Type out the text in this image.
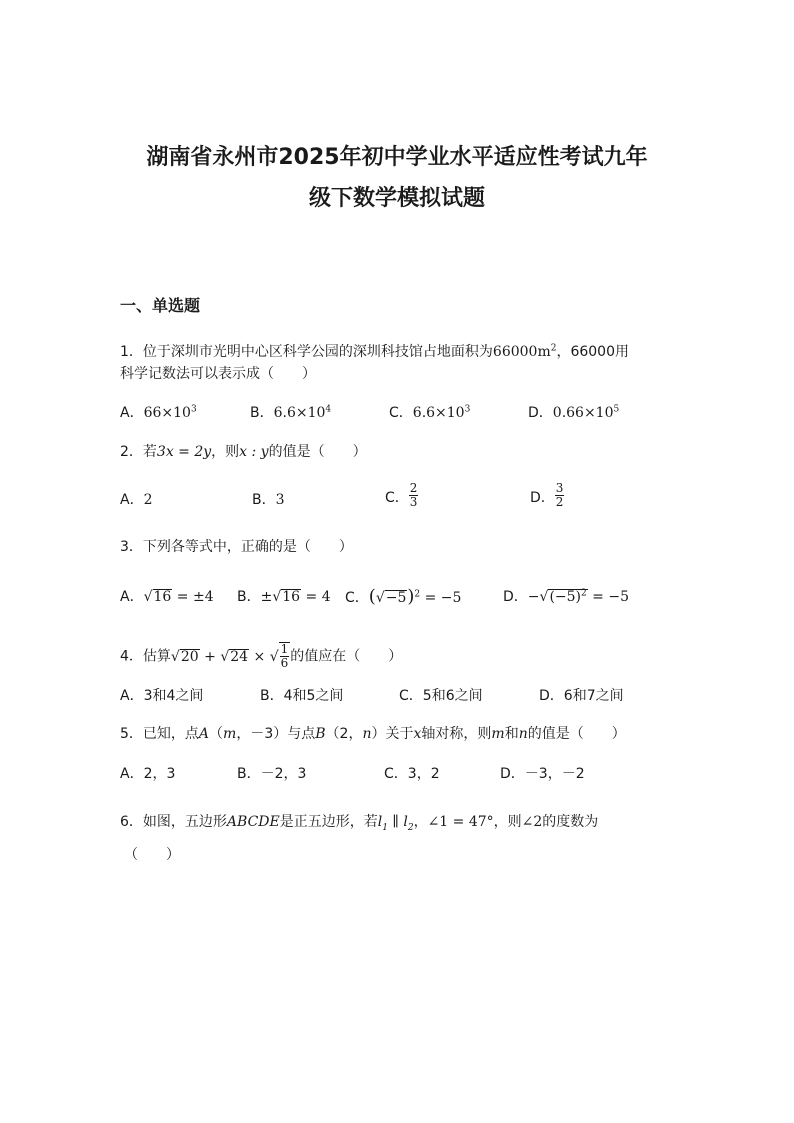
湖南省永州市2025年初中学业水平适应性考试九年
级下数学模拟试题
一、单选题
1．位于深圳市光明中心区科学公园的深圳科技馆占地面积为$66000m^2$，66000用
科学记数法可以表示成（　　）
A．$66\times 10^3$	B．$6.6\times 10^4$	C．$6.6\times 10^3$	D．$0.66\times 10^5$
2．若3x = 2y，则x : y的值是（　　）
A．2	B．3	C． $\frac{2}{3}$	D． $\frac{3}{2}$
3．下列各等式中，正确的是（　　）
A．√16 = ±4 B．±√16 = 4 C．$(√-5)^2 = -5$	D．$-√(-5)^2 = -5$
4．估算√20 + √24 × √ $\frac{1}{6}$ 的值应在（　　）
A．3和4之间	B．4和5之间	C．5和6之间	D．6和7之间
5．已知，点A（m，－3）与点B（2，n）关于x轴对称，则m和n的值是（　　）
A．2，3	B．－2，3	C．3，2	D．－3，－2
6．如图，五边形ABCDE是正五边形，若$l_1$ ∥ $l_2$，∠1 = 47°，则∠2的度数为
（　　）
